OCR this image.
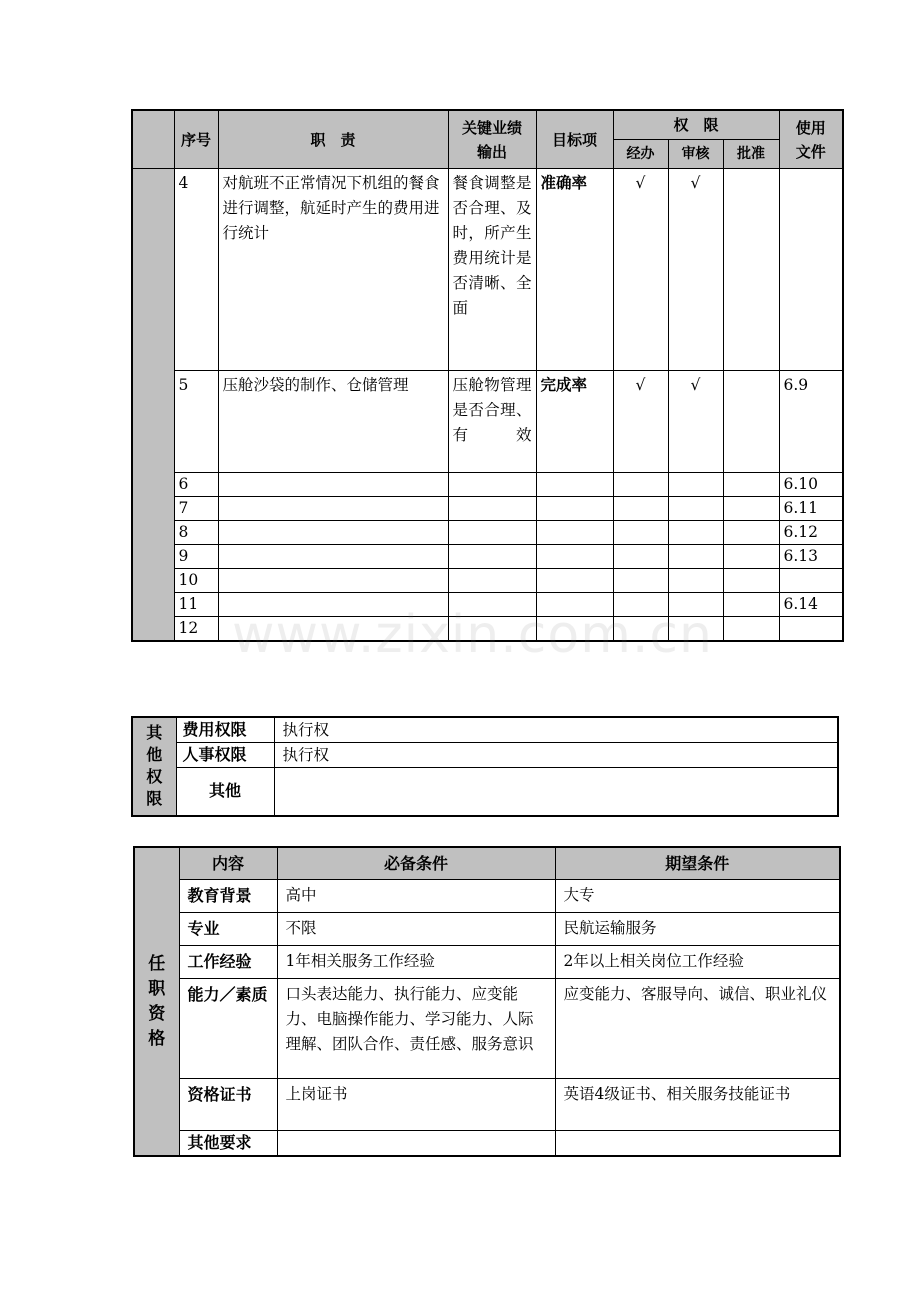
	序号	职　责	关键业绩输出	目标项	权　限			使用文件
					经办	审核	批准	
	4	对航班不正常情况下机组的餐食进行调整，航延时产生的费用进行统计	餐食调整是否合理、及时，所产生费用统计是否清晰、全面	准确率	√	√		
	5	压舱沙袋的制作、仓储管理	压舱物管理是否合理、有效	完成率	√	√		6.9
	6							6.10
	7							6.11
	8							6.12
	9							6.13
	10							
	11							6.14
	12							www.zixin.com.cn
其
他
权
限	费用权限	执行权
	人事权限	执行权
	其他	
任
职
资
格	内容	必备条件	期望条件
	教育背景	高中	大专
	专业	不限	民航运输服务
	工作经验	1年相关服务工作经验	2年以上相关岗位工作经验
	能力／素质	口头表达能力、执行能力、应变能力、电脑操作能力、学习能力、人际理解、团队合作、责任感、服务意识	应变能力、客服导向、诚信、职业礼仪
	资格证书	上岗证书	英语4级证书、相关服务技能证书
	其他要求		
